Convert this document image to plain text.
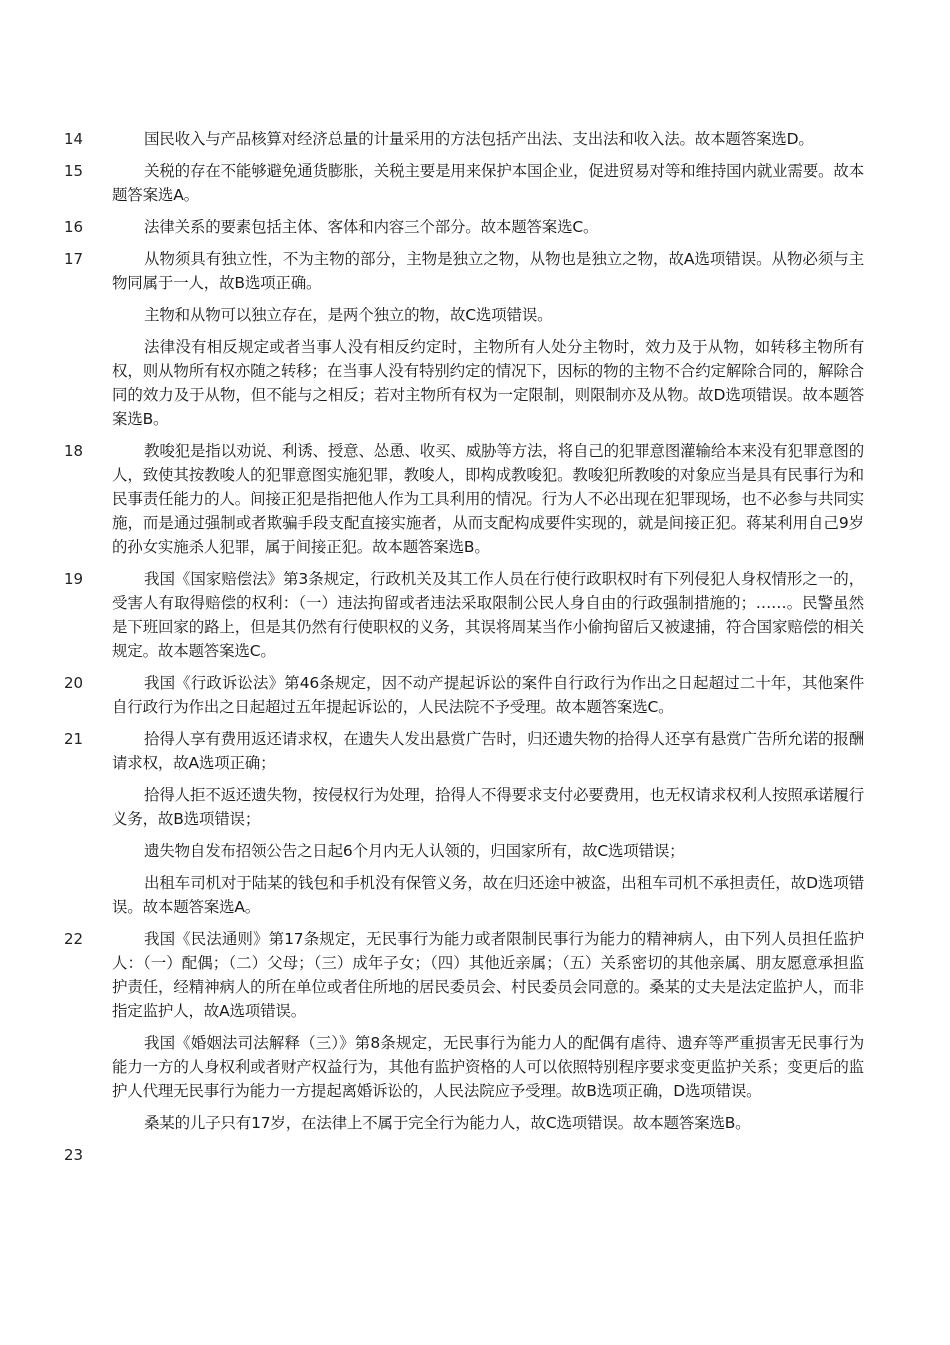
14	国民收入与产品核算对经济总量的计量采用的方法包括产出法、支出法和收入法。故本题答案选D。

15	关税的存在不能够避免通货膨胀，关税主要是用来保护本国企业，促进贸易对等和维持国内就业需要。故本题答案选A。

16	法律关系的要素包括主体、客体和内容三个部分。故本题答案选C。

17	从物须具有独立性，不为主物的部分，主物是独立之物，从物也是独立之物，故A选项错误。从物必须与主物同属于一人，故B选项正确。

主物和从物可以独立存在，是两个独立的物，故C选项错误。

法律没有相反规定或者当事人没有相反约定时，主物所有人处分主物时，效力及于从物，如转移主物所有权，则从物所有权亦随之转移；在当事人没有特别约定的情况下，因标的物的主物不合约定解除合同的，解除合同的效力及于从物，但不能与之相反；若对主物所有权为一定限制，则限制亦及从物。故D选项错误。故本题答案选B。

18	教唆犯是指以劝说、利诱、授意、怂恿、收买、威胁等方法，将自己的犯罪意图灌输给本来没有犯罪意图的人，致使其按教唆人的犯罪意图实施犯罪，教唆人，即构成教唆犯。教唆犯所教唆的对象应当是具有民事行为和民事责任能力的人。间接正犯是指把他人作为工具利用的情况。行为人不必出现在犯罪现场，也不必参与共同实施，而是通过强制或者欺骗手段支配直接实施者，从而支配构成要件实现的，就是间接正犯。蒋某利用自己9岁的孙女实施杀人犯罪，属于间接正犯。故本题答案选B。

19	我国《国家赔偿法》第3条规定，行政机关及其工作人员在行使行政职权时有下列侵犯人身权情形之一的，受害人有取得赔偿的权利：（一）违法拘留或者违法采取限制公民人身自由的行政强制措施的；……。民警虽然是下班回家的路上，但是其仍然有行使职权的义务，其误将周某当作小偷拘留后又被逮捕，符合国家赔偿的相关规定。故本题答案选C。

20	我国《行政诉讼法》第46条规定，因不动产提起诉讼的案件自行政行为作出之日起超过二十年，其他案件自行政行为作出之日起超过五年提起诉讼的，人民法院不予受理。故本题答案选C。

21	拾得人享有费用返还请求权，在遗失人发出悬赏广告时，归还遗失物的拾得人还享有悬赏广告所允诺的报酬请求权，故A选项正确；

拾得人拒不返还遗失物，按侵权行为处理，拾得人不得要求支付必要费用，也无权请求权利人按照承诺履行义务，故B选项错误；

遗失物自发布招领公告之日起6个月内无人认领的，归国家所有，故C选项错误；

出租车司机对于陆某的钱包和手机没有保管义务，故在归还途中被盗，出租车司机不承担责任，故D选项错误。故本题答案选A。

22	我国《民法通则》第17条规定，无民事行为能力或者限制民事行为能力的精神病人，由下列人员担任监护人：（一）配偶；（二）父母；（三）成年子女；（四）其他近亲属；（五）关系密切的其他亲属、朋友愿意承担监护责任，经精神病人的所在单位或者住所地的居民委员会、村民委员会同意的。桑某的丈夫是法定监护人，而非指定监护人，故A选项错误。

我国《婚姻法司法解释（三）》第8条规定，无民事行为能力人的配偶有虐待、遗弃等严重损害无民事行为能力一方的人身权利或者财产权益行为，其他有监护资格的人可以依照特别程序要求变更监护关系；变更后的监护人代理无民事行为能力一方提起离婚诉讼的，人民法院应予受理。故B选项正确，D选项错误。

桑某的儿子只有17岁，在法律上不属于完全行为能力人，故C选项错误。故本题答案选B。

23
